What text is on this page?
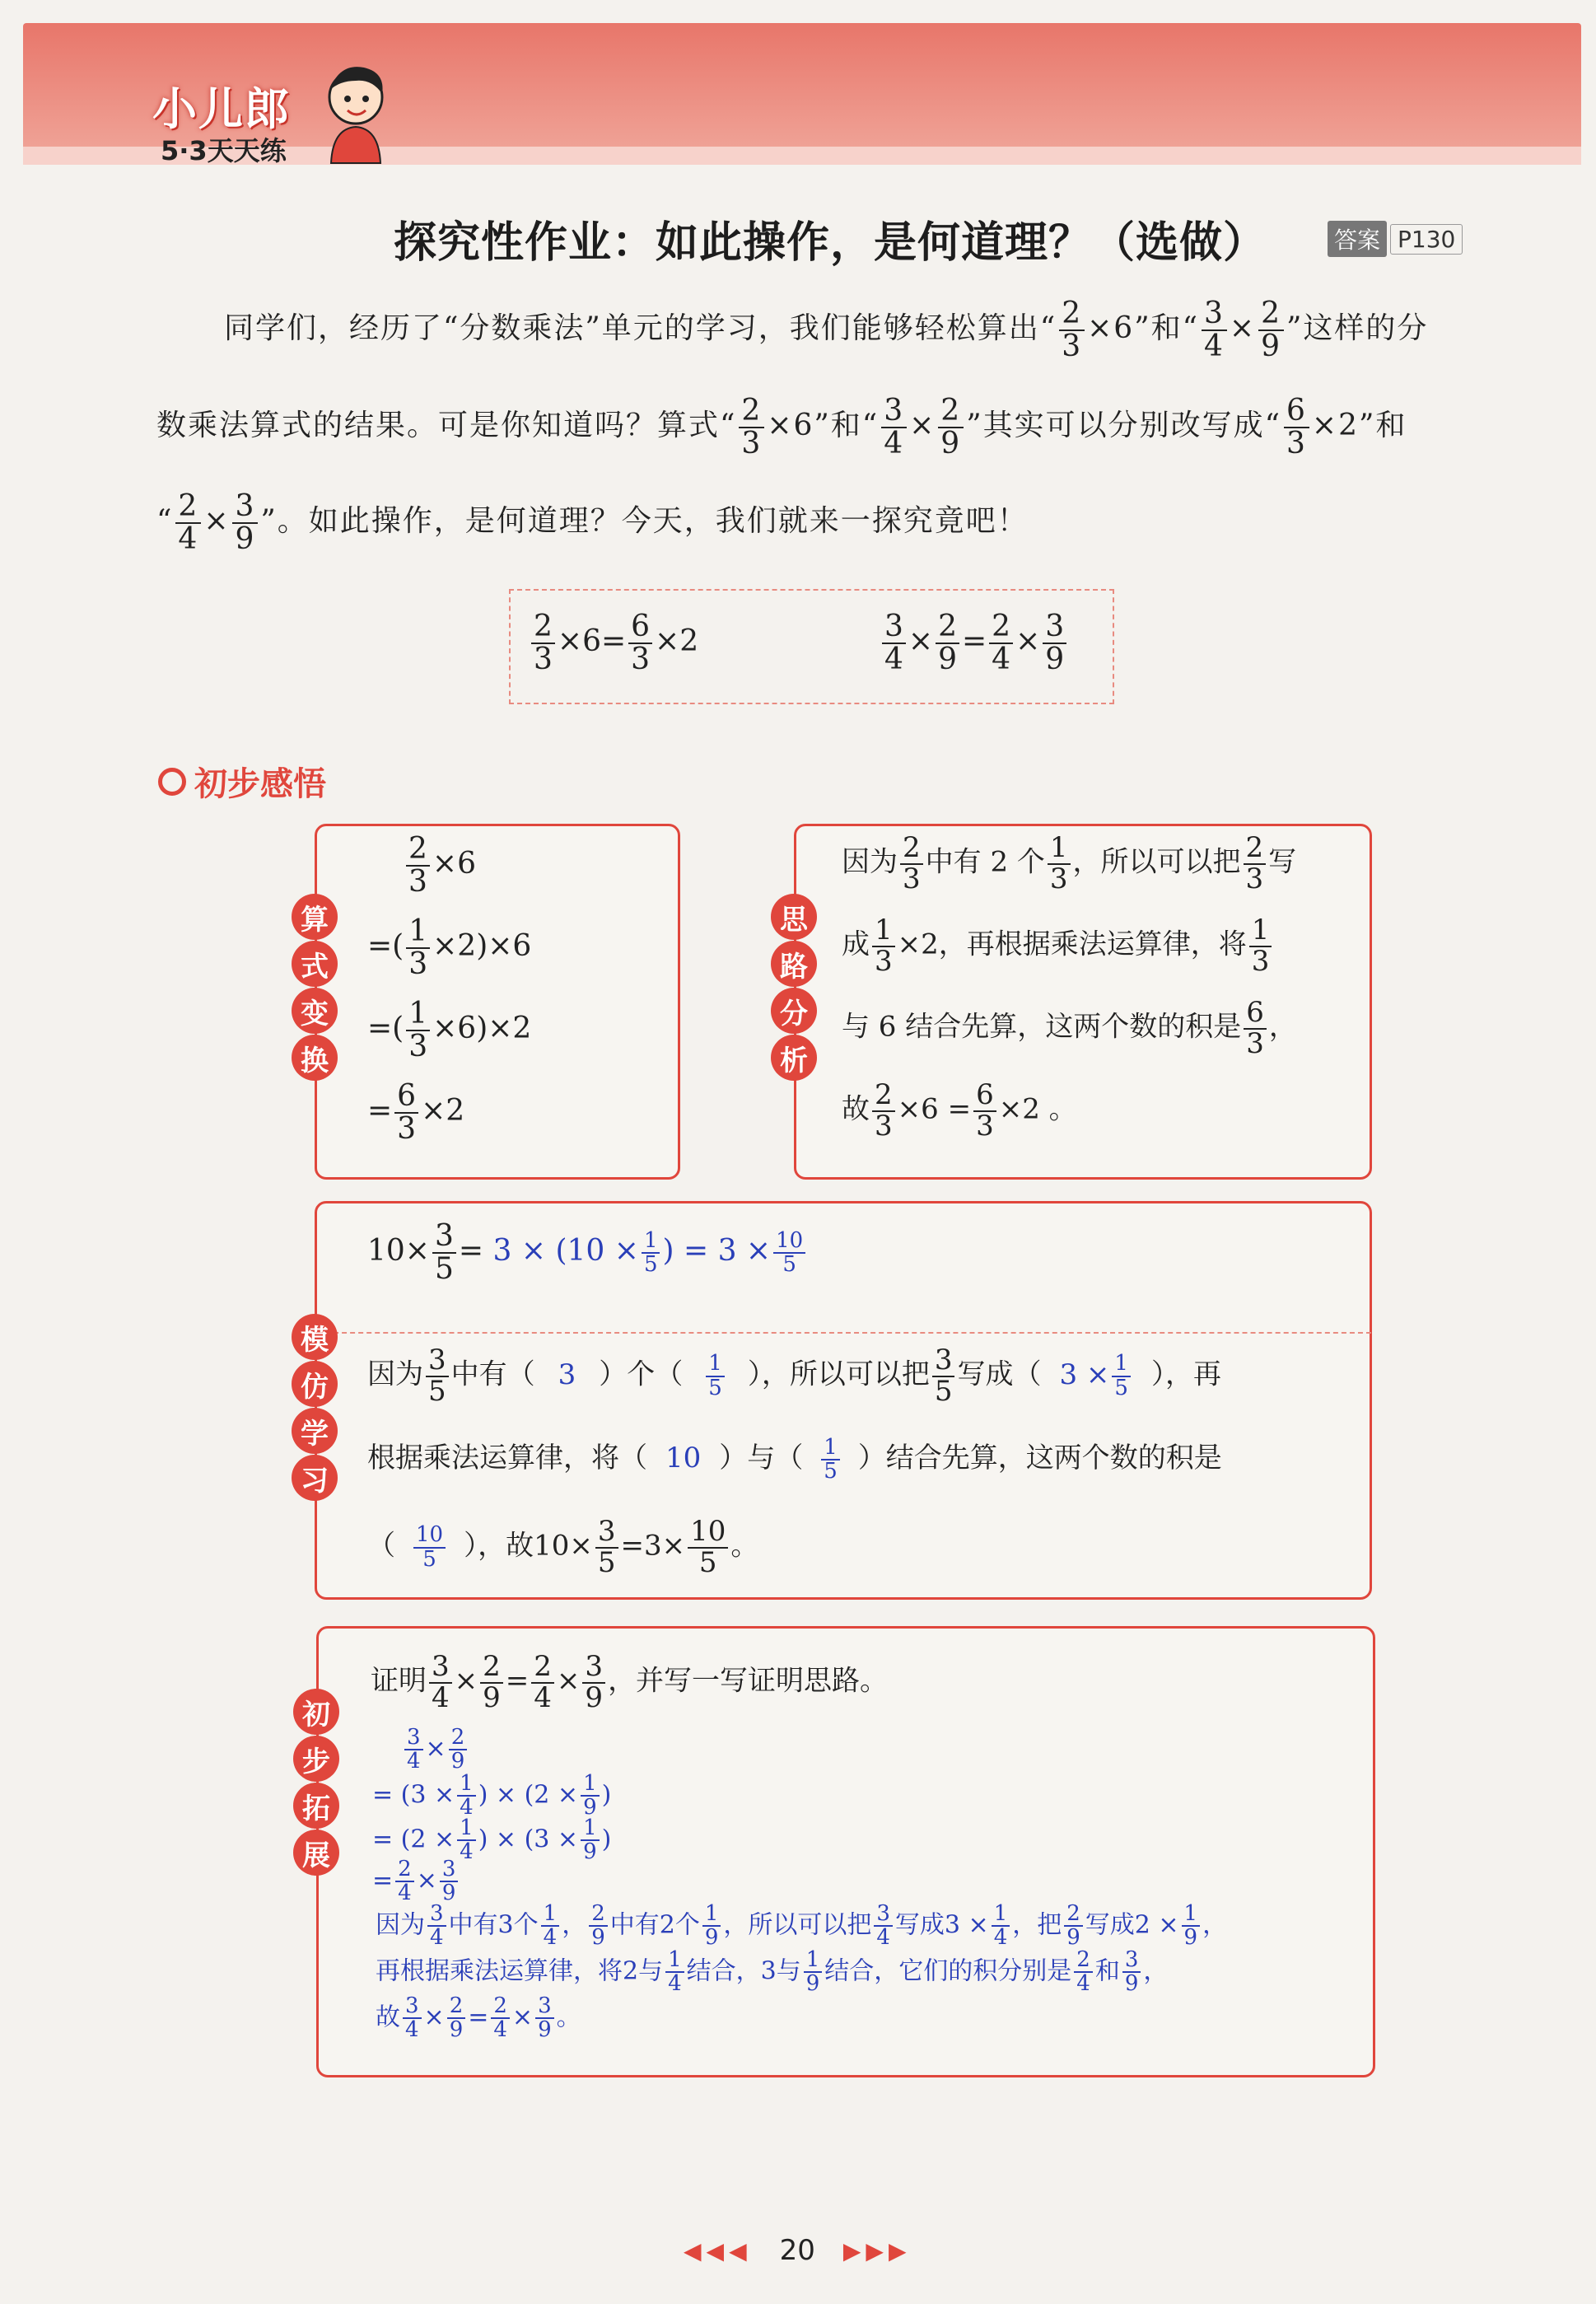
小儿郎
5·3天天练
探究性作业：如此操作，是何道理？（选做）	答案 P130
同学们，经历了“分数乘法”单元的学习，我们能够轻松算出“ $\frac{2}{3} \times 6$”和“ $\frac{3}{4} \times \frac{2}{9}$ ”这样的分
数乘法算式的结果。可是你知道吗？算式“ $\frac{2}{3} \times 6$”和“ $\frac{3}{4} \times \frac{2}{9}$ ”其实可以分别改写成“ $\frac{6}{3} \times 2$”和
“ $\frac{2}{4} \times \frac{3}{9}$ ”。如此操作，是何道理？今天，我们就来一探究竟吧！
$\frac{2}{3} \times 6= \frac{6}{3} \times 2$	$\frac{3}{4} \times \frac{2}{9} = \frac{2}{4} \times \frac{3}{9}$
初步感悟
算
式
变
换
$\frac{2}{3} \times 6$
=( $\frac{1}{3} \times 2)\times 6$
=( $\frac{1}{3} \times 6)\times 2$
= $\frac{6}{3} \times 2$
思
路
分
析
因为 $\frac{2}{3}$ 中有 2 个 $\frac{1}{3}$ ，所以可以把 $\frac{2}{3}$ 写
成 $\frac{1}{3} \times 2$，再根据乘法运算律，将 $\frac{1}{3}$
与 6 结合先算，这两个数的积是 $\frac{6}{3}$ ，
故 $\frac{2}{3} \times 6 = \frac{6}{3} \times 2$ 。
模
仿
学
习
$10\times \frac{3}{5} = 3 \times (10 \times \frac{1}{5}$ ) = $3 \times \frac{10}{5}$
因为 $\frac{3}{5}$ 中有（ 3 ）个（ $\frac{1}{5}$ ），所以可以把 $\frac{3}{5}$ 写成（ $3 \times \frac{1}{5}$ ），再
根据乘法运算律，将（ 10 ）与（ $\frac{1}{5}$ ）结合先算，这两个数的积是
（ $\frac{10}{5}$ ），故$10\times \frac{3}{5} =3\times \frac{10}{5}$ 。
初
步
拓
展
证明 $\frac{3}{4} \times \frac{2}{9} = \frac{2}{4} \times \frac{3}{9}$ ，并写一写证明思路。
$\frac{3}{4} \times \frac{2}{9}$
= ($3 \times \frac{1}{4}$ ) × ($2 \times \frac{1}{9}$ )
= ($2 \times \frac{1}{4}$ ) × ($3 \times \frac{1}{9}$ )
= $\frac{2}{4} \times \frac{3}{9}$
因为 $\frac{3}{4}$ 中有3个 $\frac{1}{4}$ ， $\frac{2}{9}$ 中有2个 $\frac{1}{9}$ ，所以可以把 $\frac{3}{4}$ 写成$3 \times \frac{1}{4}$ ，把 $\frac{2}{9}$ 写成$2 \times \frac{1}{9}$ ，
再根据乘法运算律，将2与 $\frac{1}{4}$ 结合，3与 $\frac{1}{9}$ 结合，它们的积分别是 $\frac{2}{4}$ 和 $\frac{3}{9}$ ，
故 $\frac{3}{4} \times \frac{2}{9} = \frac{2}{4} \times \frac{3}{9}$ 。
◀◀◀ 20 ▶▶▶
